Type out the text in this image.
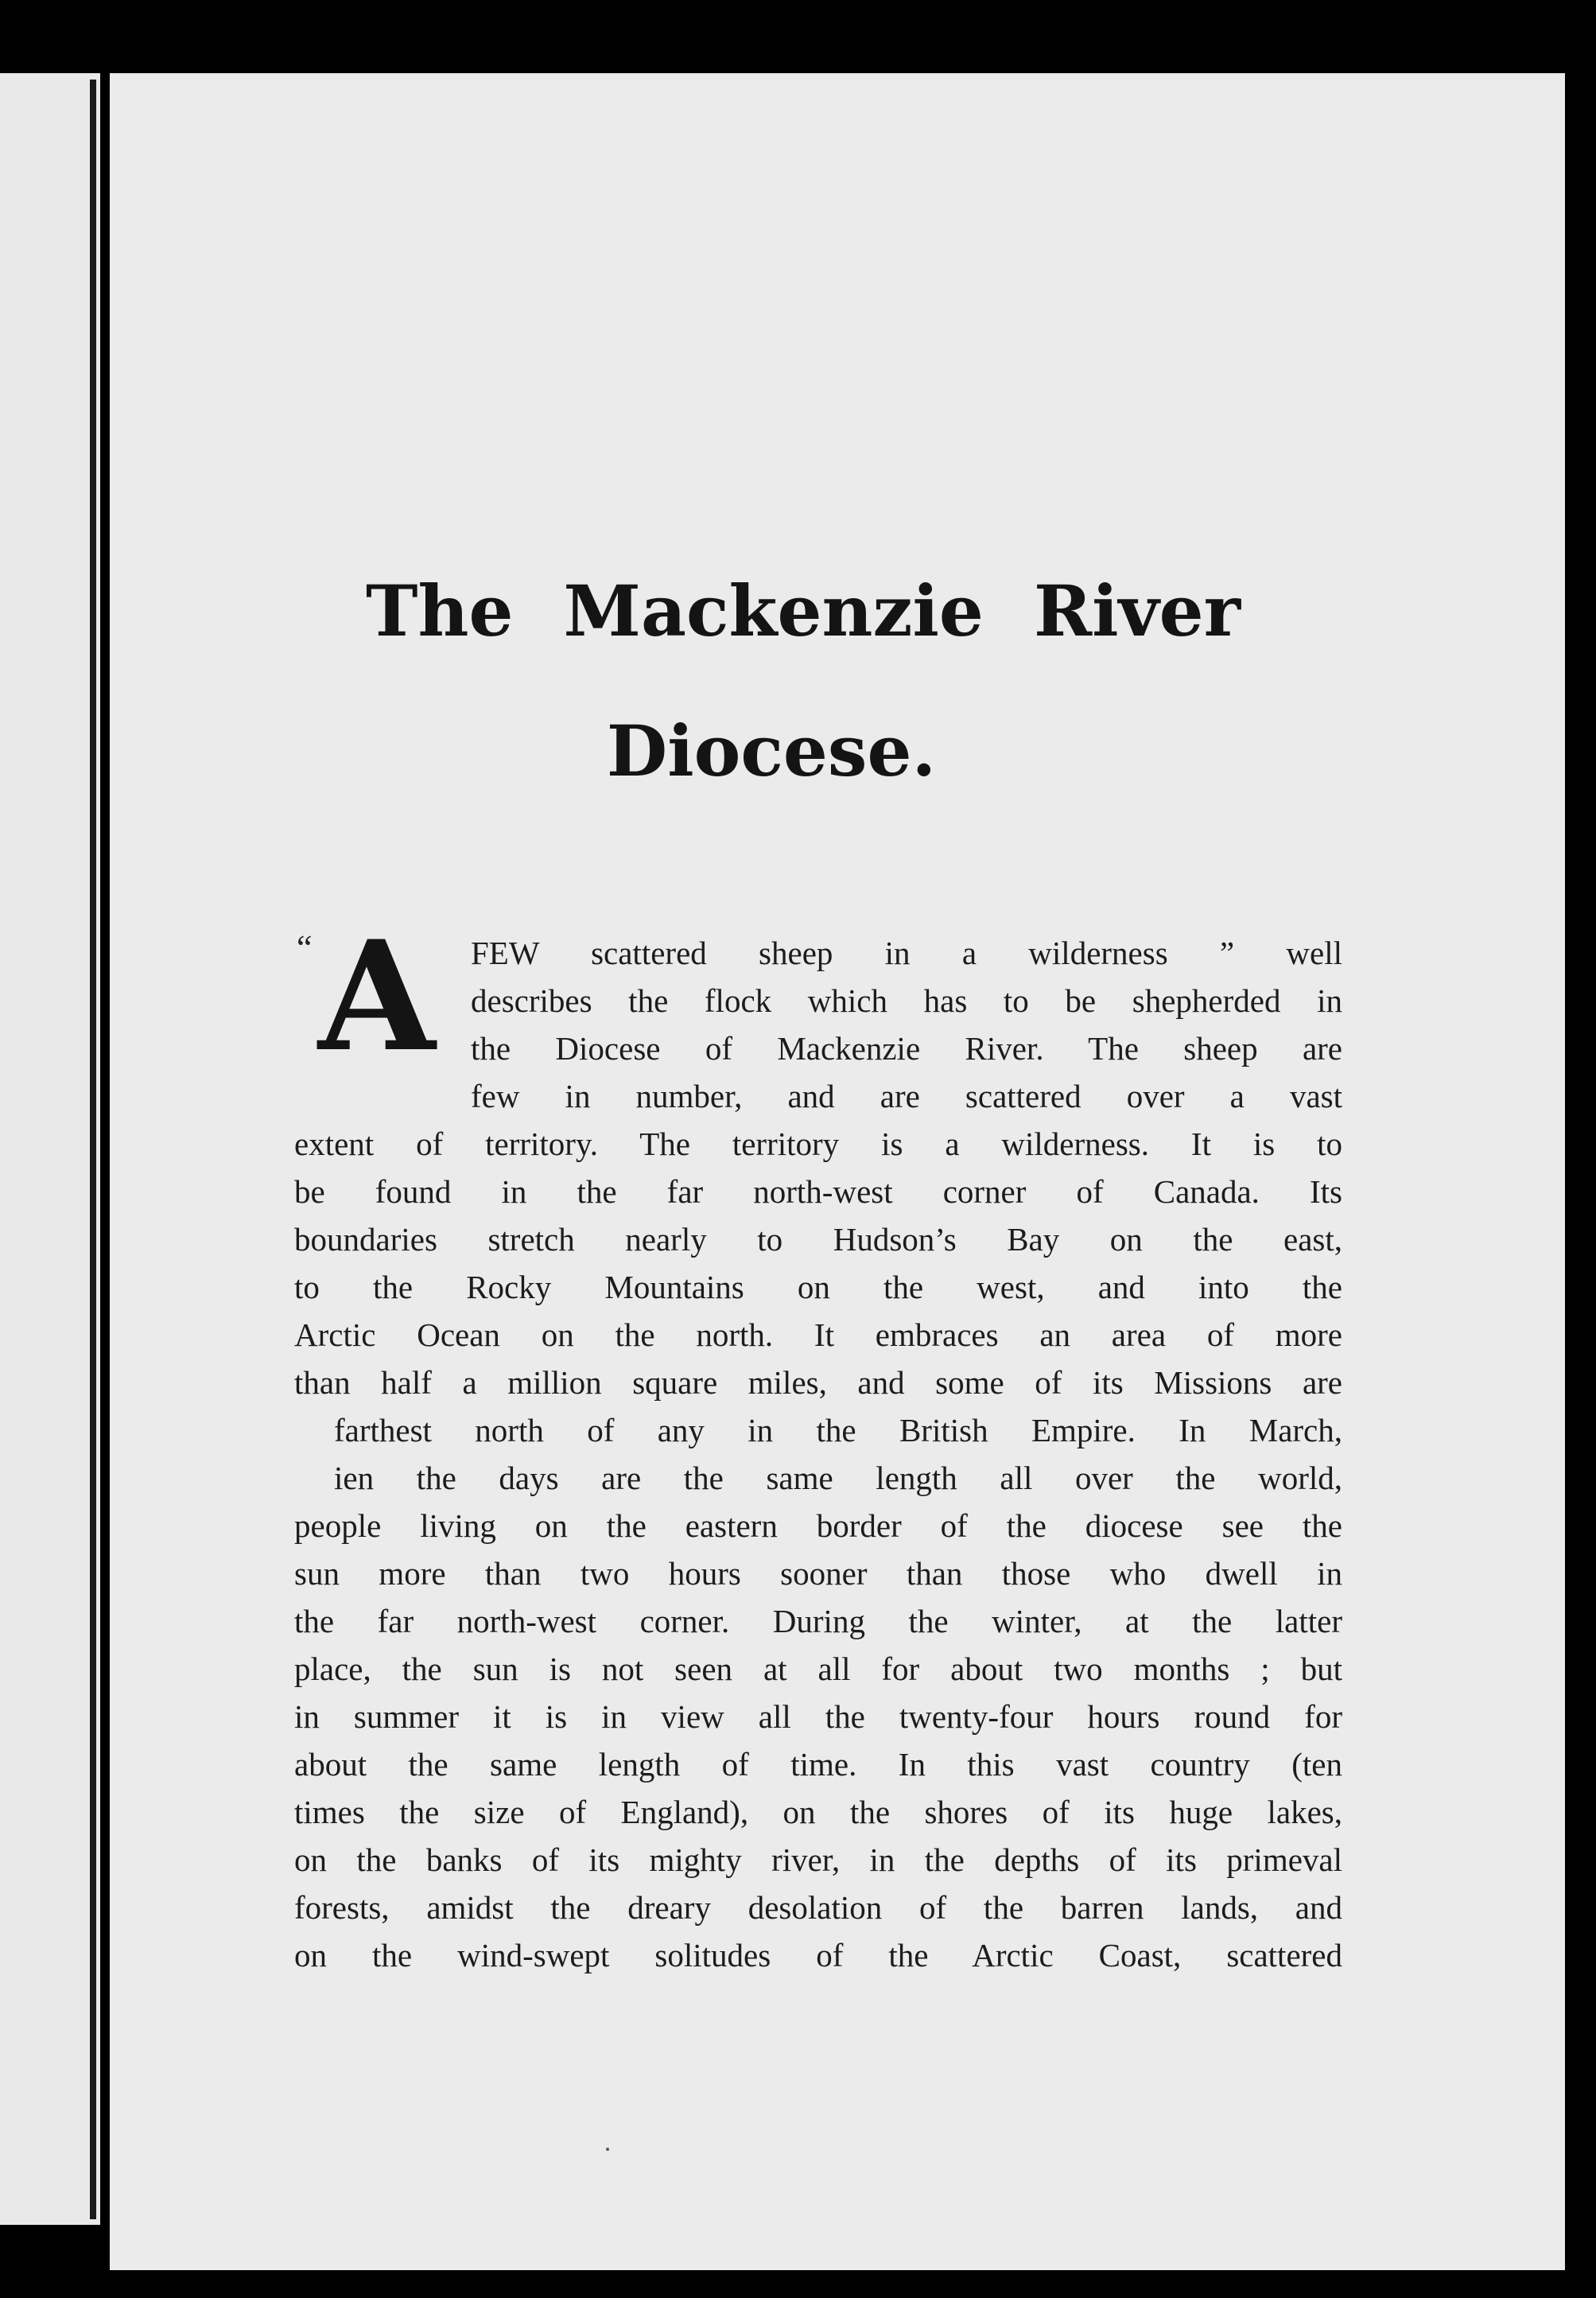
The Mackenzie River
Diocese.
“ A FEW scattered sheep in a wilderness ” well
describes the flock which has to be shepherded in
the Diocese of Mackenzie River. The sheep are
few in number, and are scattered over a vast
extent of territory. The territory is a wilderness. It is to
be found in the far north-west corner of Canada. Its
boundaries stretch nearly to Hudson’s Bay on the east,
to the Rocky Mountains on the west, and into the
Arctic Ocean on the north. It embraces an area of more
than half a million square miles, and some of its Missions are
farthest north of any in the British Empire. In March,
ien the days are the same length all over the world,
people living on the eastern border of the diocese see the
sun more than two hours sooner than those who dwell in
the far north-west corner. During the winter, at the latter
place, the sun is not seen at all for about two months ; but
in summer it is in view all the twenty-four hours round for
about the same length of time. In this vast country (ten
times the size of England), on the shores of its huge lakes,
on the banks of its mighty river, in the depths of its primeval
forests, amidst the dreary desolation of the barren lands, and
on the wind-swept solitudes of the Arctic Coast, scattered
